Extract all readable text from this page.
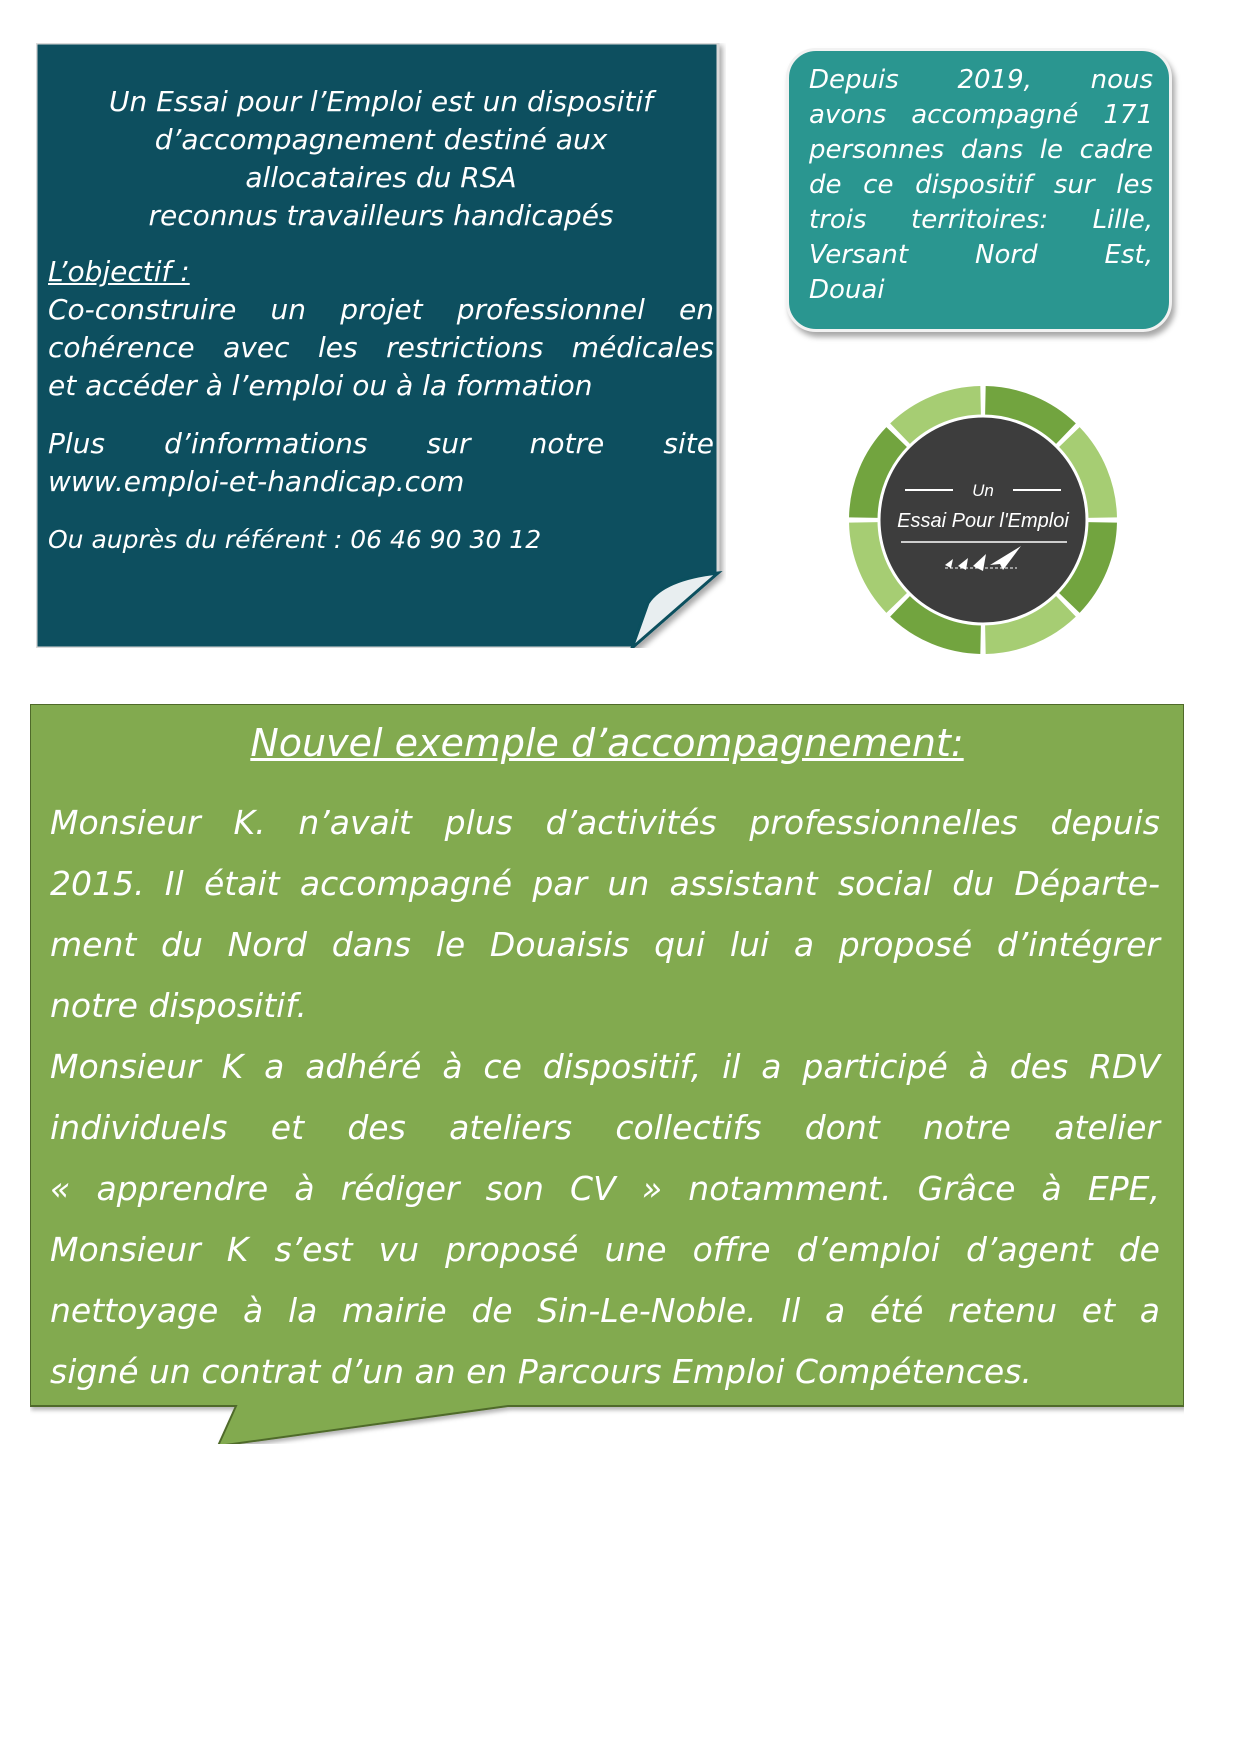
Un Essai pour l’Emploi est un dispositif
d’accompagnement destiné aux
allocataires du RSA
reconnus travailleurs handicapés

L’objectif :
Co-construire un projet professionnel en
cohérence avec les restrictions médicales
et accéder à l’emploi ou à la formation
Plus d’informations sur notre site
www.emploi-et-handicap.com
Ou auprès du référent : 06 46 90 30 12
Depuis 2019, nous
avons accompagné 171
personnes dans le cadre
de ce dispositif sur les
trois territoires: Lille,
Versant Nord Est,
Douai
Un
Essai Pour l'Emploi
Nouvel exemple d’accompagnement:
Monsieur K. n’avait plus d’activités professionnelles depuis
2015. Il était accompagné par un assistant social du Départe-
ment du Nord dans le Douaisis qui lui a proposé d’intégrer
notre dispositif.
Monsieur K a adhéré à ce dispositif, il a participé à des RDV
individuels et des ateliers collectifs dont notre atelier
« apprendre à rédiger son CV » notamment. Grâce à EPE,
Monsieur K s’est vu proposé une offre d’emploi d’agent de
nettoyage à la mairie de Sin-Le-Noble. Il a été retenu et a
signé un contrat d’un an en Parcours Emploi Compétences.
